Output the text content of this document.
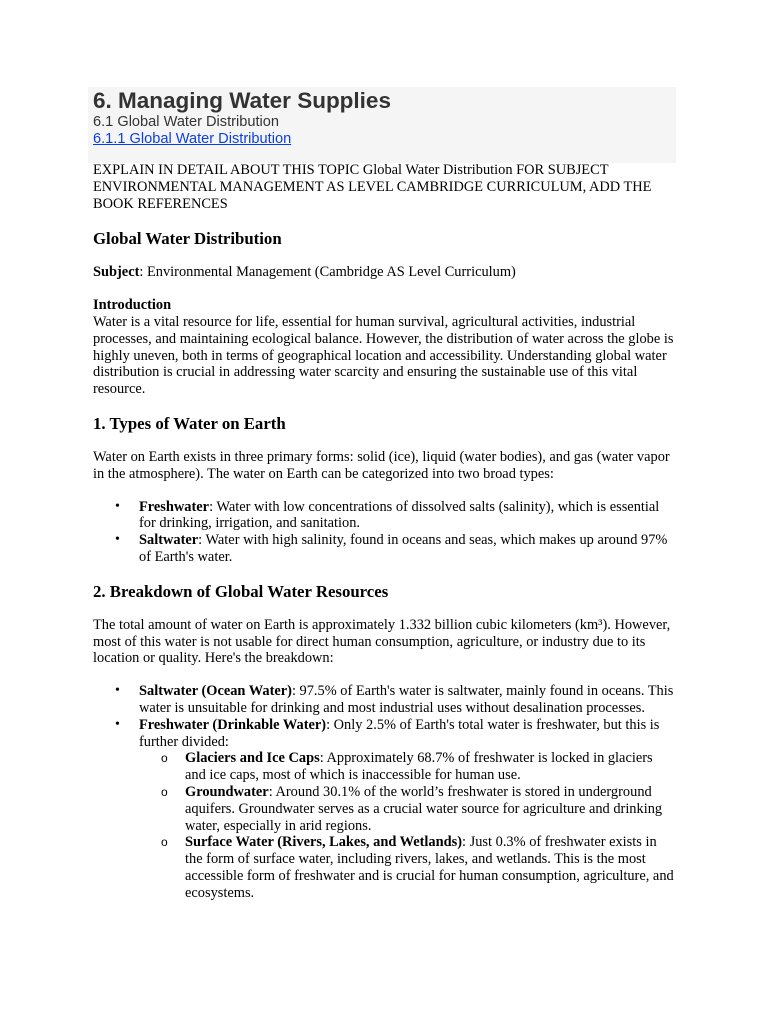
6. Managing Water Supplies

6.1 Global Water Distribution

6.1.1 Global Water Distribution

EXPLAIN IN DETAIL ABOUT THIS TOPIC Global Water Distribution FOR SUBJECT ENVIRONMENTAL MANAGEMENT AS LEVEL CAMBRIDGE CURRICULUM, ADD THE BOOK REFERENCES

Global Water Distribution

Subject: Environmental Management (Cambridge AS Level Curriculum)

Introduction

Water is a vital resource for life, essential for human survival, agricultural activities, industrial processes, and maintaining ecological balance. However, the distribution of water across the globe is highly uneven, both in terms of geographical location and accessibility. Understanding global water distribution is crucial in addressing water scarcity and ensuring the sustainable use of this vital resource.

1. Types of Water on Earth

Water on Earth exists in three primary forms: solid (ice), liquid (water bodies), and gas (water vapor in the atmosphere). The water on Earth can be categorized into two broad types:

• Freshwater: Water with low concentrations of dissolved salts (salinity), which is essential for drinking, irrigation, and sanitation.
• Saltwater: Water with high salinity, found in oceans and seas, which makes up around 97% of Earth's water.
2. Breakdown of Global Water Resources

The total amount of water on Earth is approximately 1.332 billion cubic kilometers (km³). However, most of this water is not usable for direct human consumption, agriculture, or industry due to its location or quality. Here's the breakdown:

• Saltwater (Ocean Water): 97.5% of Earth's water is saltwater, mainly found in oceans. This water is unsuitable for drinking and most industrial uses without desalination processes.
• Freshwater (Drinkable Water): Only 2.5% of Earth's total water is freshwater, but this is further divided:
o Glaciers and Ice Caps: Approximately 68.7% of freshwater is locked in glaciers and ice caps, most of which is inaccessible for human use.
o Groundwater: Around 30.1% of the world’s freshwater is stored in underground aquifers. Groundwater serves as a crucial water source for agriculture and drinking water, especially in arid regions.
o Surface Water (Rivers, Lakes, and Wetlands): Just 0.3% of freshwater exists in the form of surface water, including rivers, lakes, and wetlands. This is the most accessible form of freshwater and is crucial for human consumption, agriculture, and ecosystems.
